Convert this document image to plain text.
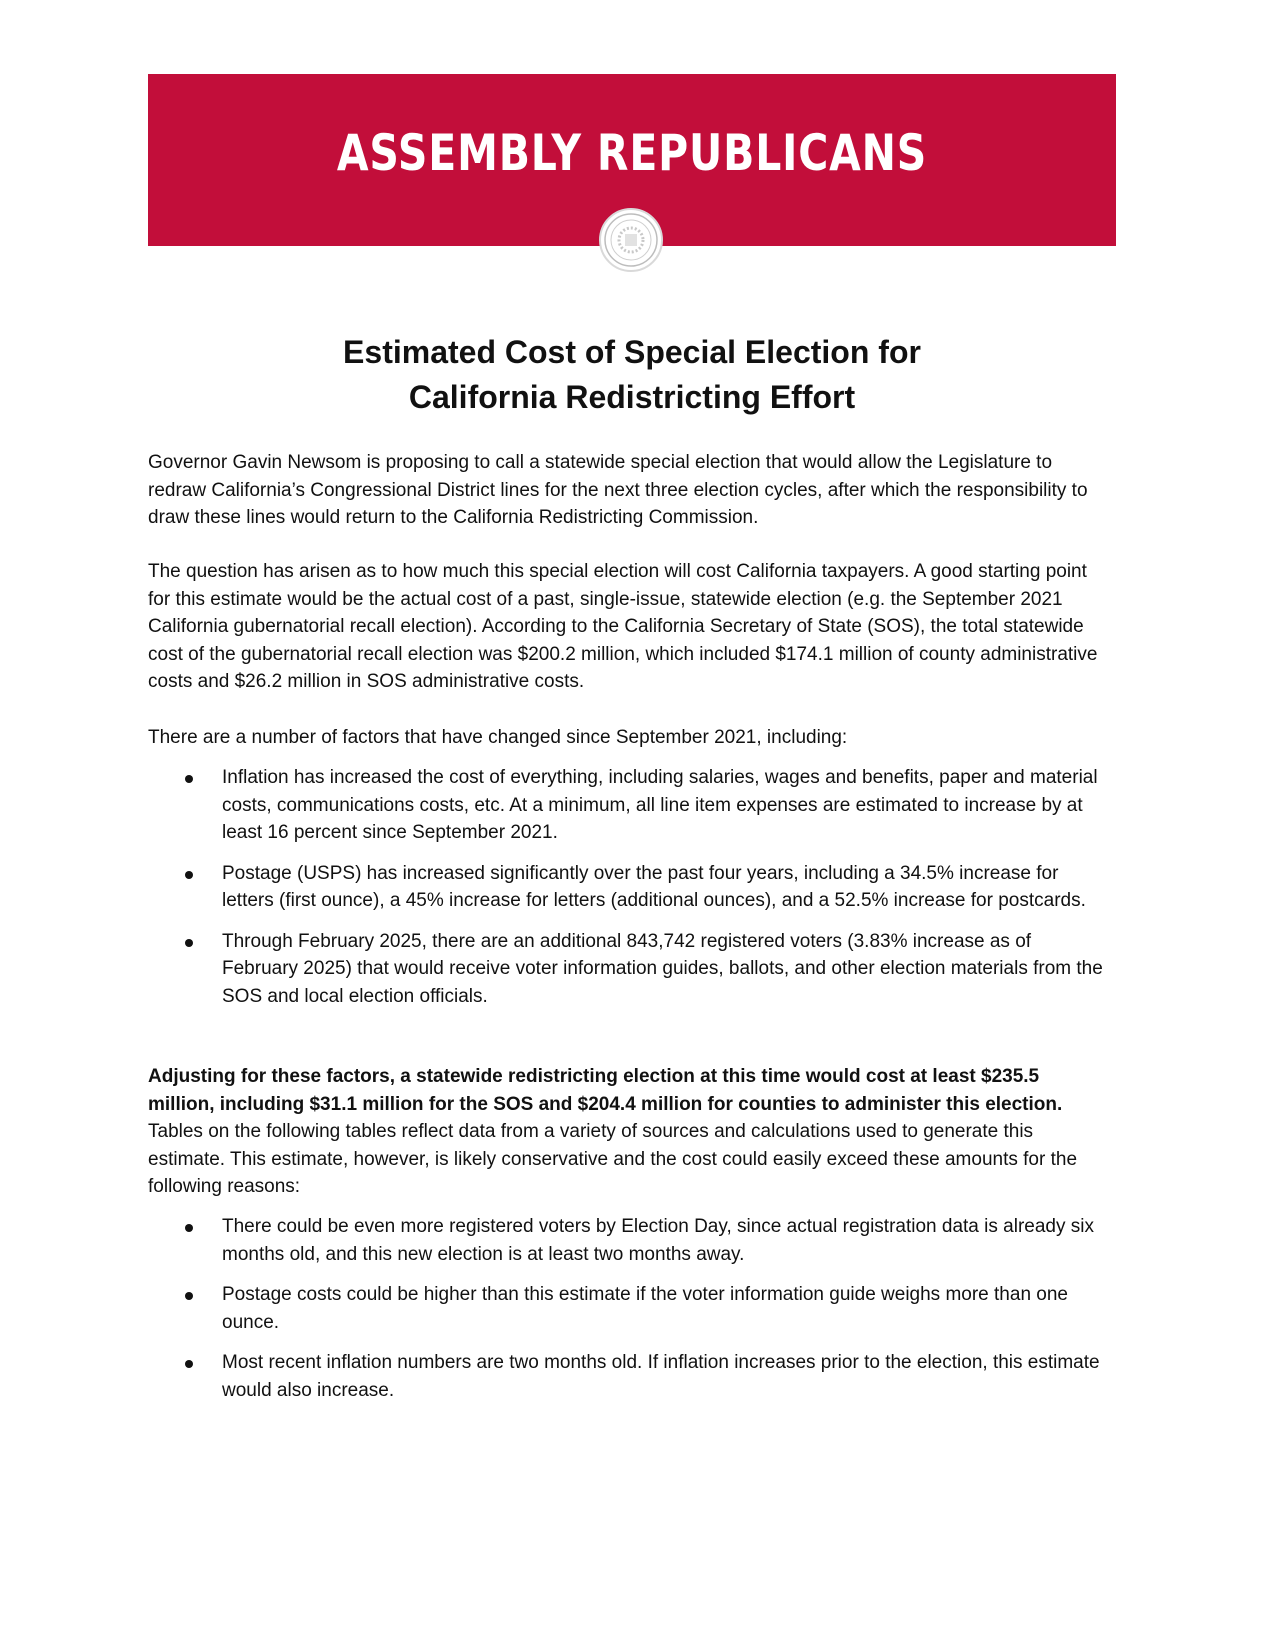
ASSEMBLY REPUBLICANS
Estimated Cost of Special Election for
California Redistricting Effort

Governor Gavin Newsom is proposing to call a statewide special election that would allow the Legislature to redraw California’s Congressional District lines for the next three election cycles, after which the responsibility to draw these lines would return to the California Redistricting Commission.

The question has arisen as to how much this special election will cost California taxpayers. A good starting point for this estimate would be the actual cost of a past, single-issue, statewide election (e.g. the September 2021 California gubernatorial recall election). According to the California Secretary of State (SOS), the total statewide cost of the gubernatorial recall election was $200.2 million, which included $174.1 million of county administrative costs and $26.2 million in SOS administrative costs.

There are a number of factors that have changed since September 2021, including:

Inflation has increased the cost of everything, including salaries, wages and benefits, paper and material costs, communications costs, etc. At a minimum, all line item expenses are estimated to increase by at least 16 percent since September 2021.
Postage (USPS) has increased significantly over the past four years, including a 34.5% increase for letters (first ounce), a 45% increase for letters (additional ounces), and a 52.5% increase for postcards.
Through February 2025, there are an additional 843,742 registered voters (3.83% increase as of February 2025) that would receive voter information guides, ballots, and other election materials from the SOS and local election officials.

Adjusting for these factors, a statewide redistricting election at this time would cost at least $235.5 million, including $31.1 million for the SOS and $204.4 million for counties to administer this election. Tables on the following tables reflect data from a variety of sources and calculations used to generate this estimate. This estimate, however, is likely conservative and the cost could easily exceed these amounts for the following reasons:

There could be even more registered voters by Election Day, since actual registration data is already six months old, and this new election is at least two months away.
Postage costs could be higher than this estimate if the voter information guide weighs more than one ounce.
Most recent inflation numbers are two months old. If inflation increases prior to the election, this estimate would also increase.
